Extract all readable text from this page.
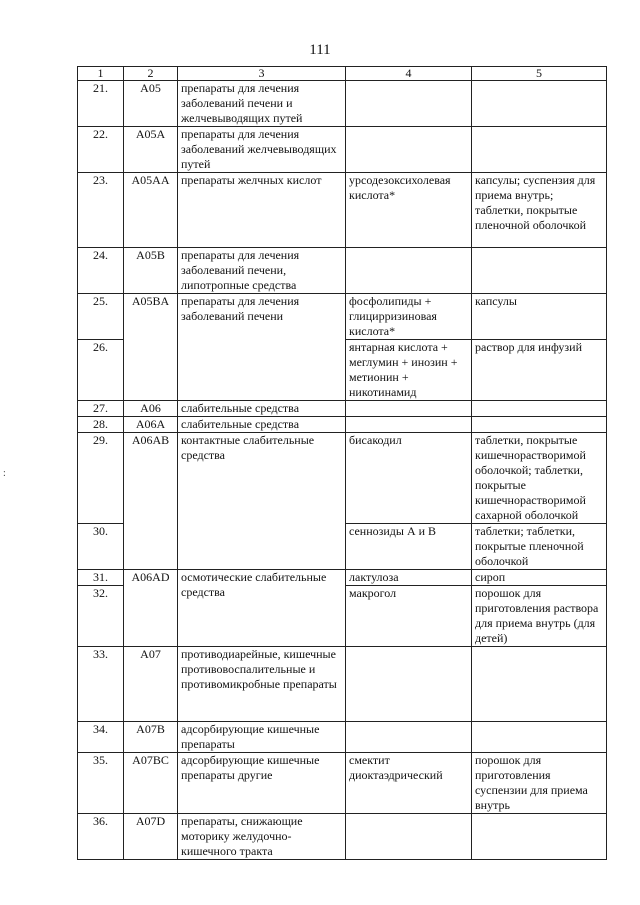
111
:
1	2	3	4	5
21.	A05	препараты для лечения заболеваний печени и желчевыводящих путей		
22.	A05A	препараты для лечения заболеваний желчевыводящих путей		
23.	A05AA	препараты желчных кислот	урсодезоксихолевая кислота*	капсулы; суспензия для приема внутрь; таблетки, покрытые пленочной оболочкой
24.	A05B	препараты для лечения заболеваний печени, липотропные средства		
25.	A05BA	препараты для лечения заболеваний печени	фосфолипиды + глицирризиновая кислота*	капсулы
26.			янтарная кислота + меглумин + инозин + метионин + никотинамид	раствор для инфузий
27.	A06	слабительные средства		
28.	A06A	слабительные средства		
29.	A06AB	контактные слабительные средства	бисакодил	таблетки, покрытые кишечнорастворимой оболочкой; таблетки, покрытые кишечнорастворимой сахарной оболочкой
30.			сеннозиды А и В	таблетки; таблетки, покрытые пленочной оболочкой
31.	A06AD	осмотические слабительные средства	лактулоза	сироп
32.			макрогол	порошок для приготовления раствора для приема внутрь (для детей)
33.	A07	противодиарейные, кишечные противовоспалительные и противомикробные препараты		
34.	A07B	адсорбирующие кишечные препараты		
35.	A07BC	адсорбирующие кишечные препараты другие	смектит диоктаэдрический	порошок для приготовления суспензии для приема внутрь
36.	A07D	препараты, снижающие моторику желудочно-кишечного тракта		
